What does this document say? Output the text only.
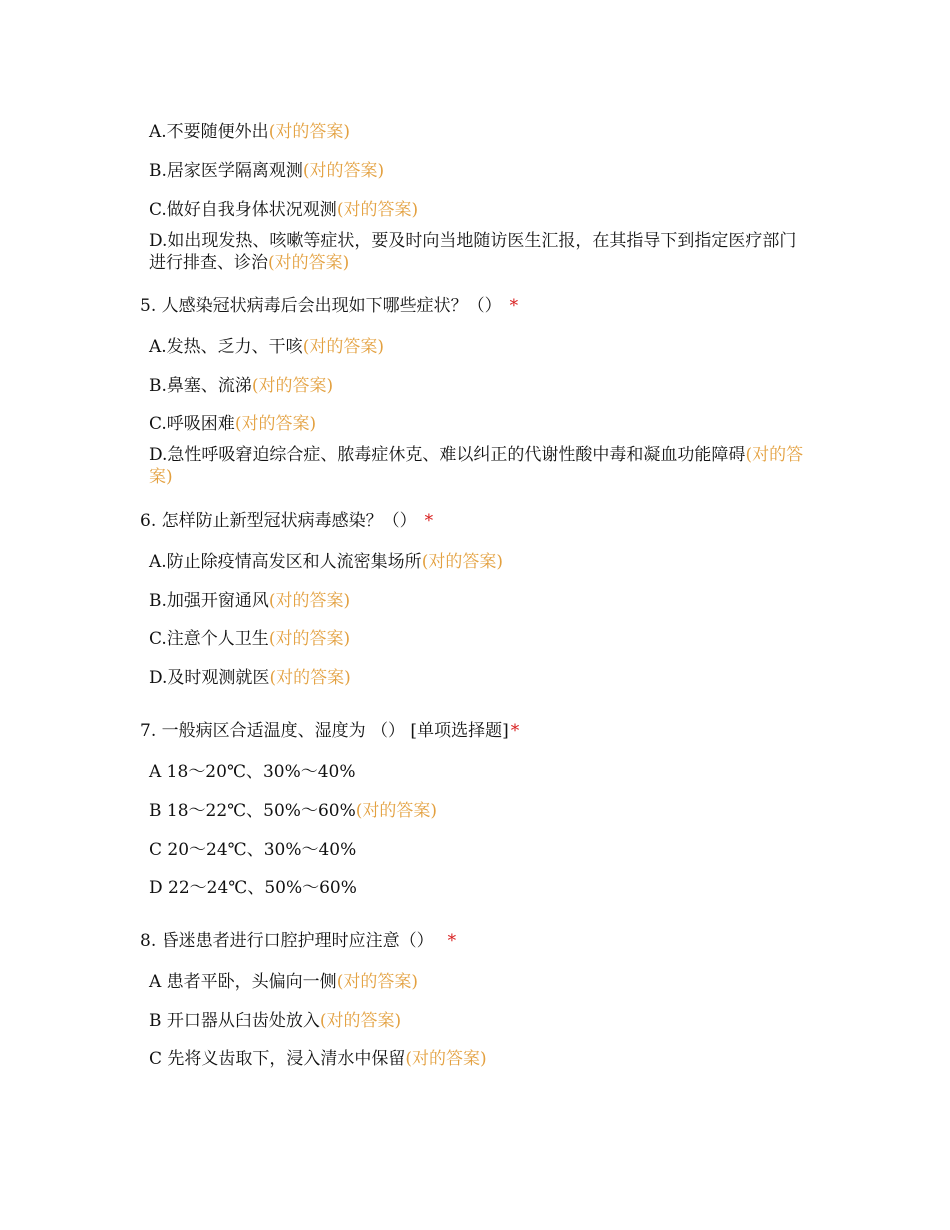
A.不要随便外出(对的答案)
B.居家医学隔离观测(对的答案)
C.做好自我身体状况观测(对的答案)
D.如出现发热、咳嗽等症状，要及时向当地随访医生汇报，在其指导下到指定医疗部门进行排查、诊治(对的答案)
5. 人感染冠状病毒后会出现如下哪些症状？（） *
A.发热、乏力、干咳(对的答案)
B.鼻塞、流涕(对的答案)
C.呼吸困难(对的答案)
D.急性呼吸窘迫综合症、脓毒症休克、难以纠正的代谢性酸中毒和凝血功能障碍(对的答案)
6. 怎样防止新型冠状病毒感染？（） *
A.防止除疫情高发区和人流密集场所(对的答案)
B.加强开窗通风(对的答案)
C.注意个人卫生(对的答案)
D.及时观测就医(对的答案)
7. 一般病区合适温度、湿度为 （） [单项选择题] *
A 18～20℃、30%～40%
B 18～22℃、50%～60%(对的答案)
C 20～24℃、30%～40%
D 22～24℃、50%～60%
8. 昏迷患者进行口腔护理时应注意（） *
A 患者平卧，头偏向一侧(对的答案)
B 开口器从臼齿处放入(对的答案)
C 先将义齿取下，浸入清水中保留(对的答案)
